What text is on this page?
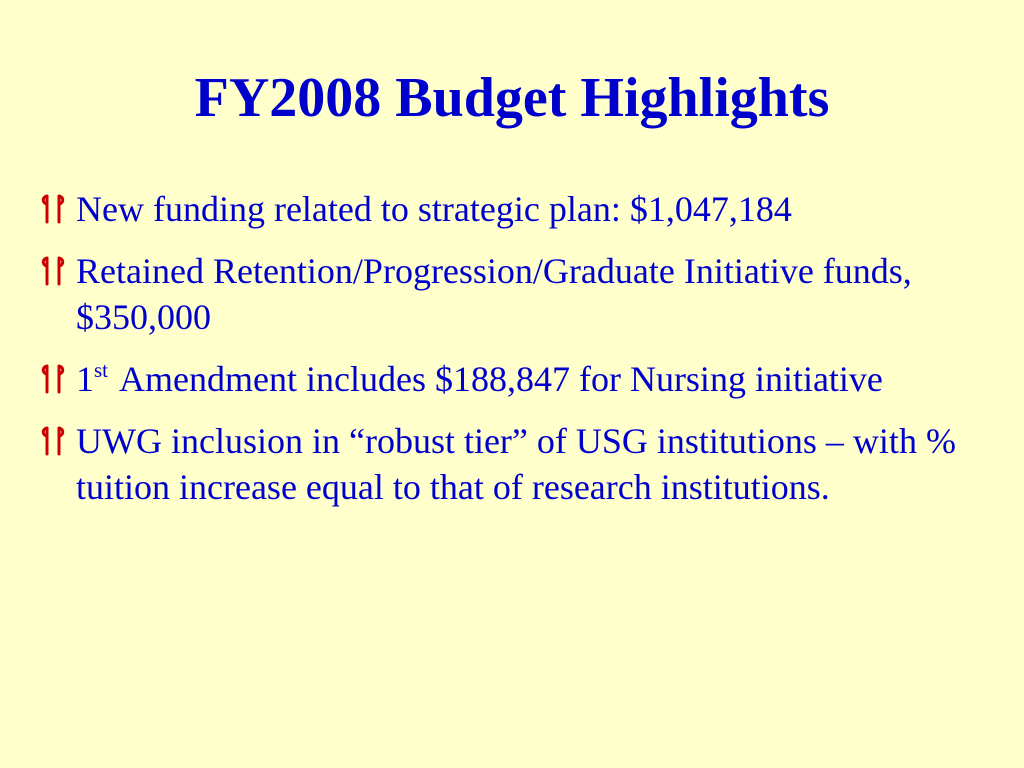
FY2008 Budget Highlights
New funding related to strategic plan: $1,047,184
Retained Retention/Progression/Graduate Initiative funds, $350,000
1st Amendment includes $188,847 for Nursing initiative
UWG inclusion in “robust tier” of USG institutions – with % tuition increase equal to that of research institutions.
